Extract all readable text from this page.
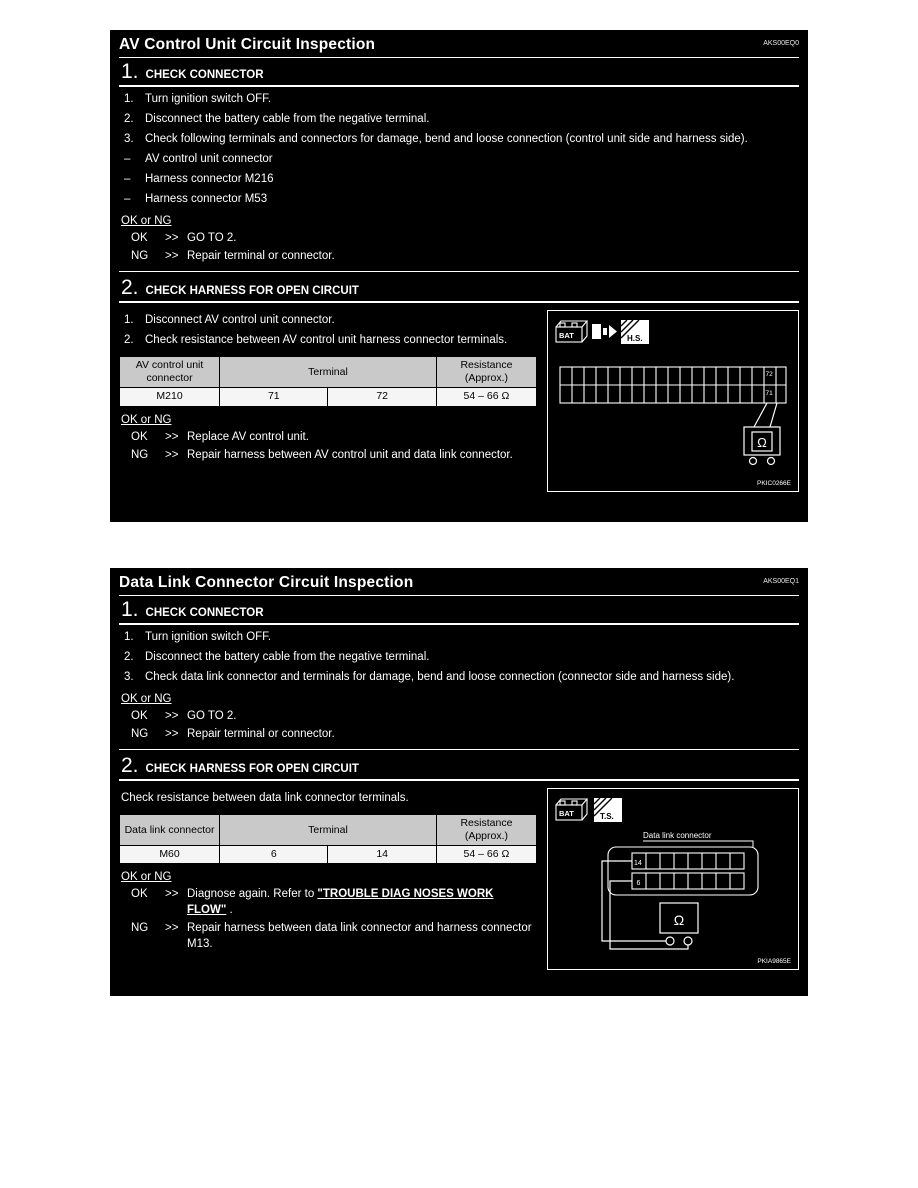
AV Control Unit Circuit Inspection	AKS00EQ0
1. CHECK CONNECTOR
1. Turn ignition switch OFF.
2. Disconnect the battery cable from the negative terminal.
3. Check following terminals and connectors for damage, bend and loose connection (control unit side and harness side).
–	AV control unit connector
–	Harness connector M216
–	Harness connector M53
OK or NG
OK	>> GO TO 2.
NG	>> Repair terminal or connector.
2. CHECK HARNESS FOR OPEN CIRCUIT
1. Disconnect AV control unit connector.
2. Check resistance between AV control unit harness connector terminals.
AV control unit connector	Terminal		Resistance (Approx.)
M210	71	72	54 – 66 Ω
OK or NG
OK	>> Replace AV control unit.
NG	>> Repair harness between AV control unit and data link connector.
BAT	H.S.
72
71
Ω
PKIC0266E
Data Link Connector Circuit Inspection	AKS00EQ1
1. CHECK CONNECTOR
1. Turn ignition switch OFF.
2. Disconnect the battery cable from the negative terminal.
3. Check data link connector and terminals for damage, bend and loose connection (connector side and harness side).
OK or NG
OK	>> GO TO 2.
NG	>> Repair terminal or connector.
2. CHECK HARNESS FOR OPEN CIRCUIT
Check resistance between data link connector terminals.
Data link connector	Terminal		Resistance (Approx.)
M60	6	14	54 – 66 Ω
OK or NG
OK	>> Diagnose again. Refer to "TROUBLE DIAG NOSES WORK FLOW" .
NG	>> Repair harness between data link connector and harness connector M13.
BAT	T.S.
Data link connector
14
6
Ω
PKIA9865E
